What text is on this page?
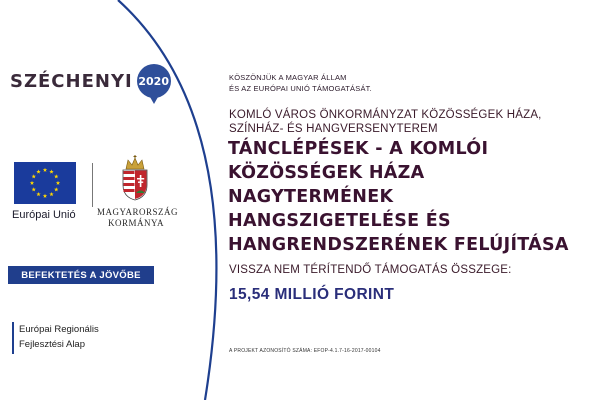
SZÉCHENYI 2020
Európai Unió MAGYARORSZÁG
KORMÁNYA
BEFEKTETÉS A JÖVŐBE
Európai Regionális
Fejlesztési Alap
KÖSZÖNJÜK A MAGYAR ÁLLAM
ÉS AZ EURÓPAI UNIÓ TÁMOGATÁSÁT.
KOMLÓ VÁROS ÖNKORMÁNYZAT KÖZÖSSÉGEK HÁZA,
SZÍNHÁZ- ÉS HANGVERSENYTEREM
TÁNCLÉPÉSEK - A KOMLÓI
KÖZÖSSÉGEK HÁZA
NAGYTERMÉNEK
HANGSZIGETELÉSE ÉS
HANGRENDSZERÉNEK FELÚJÍTÁSA
VISSZA NEM TÉRÍTENDŐ TÁMOGATÁS ÖSSZEGE:
15,54 MILLIÓ FORINT
A PROJEKT AZONOSÍTÓ SZÁMA: EFOP-4.1.7-16-2017-00104
